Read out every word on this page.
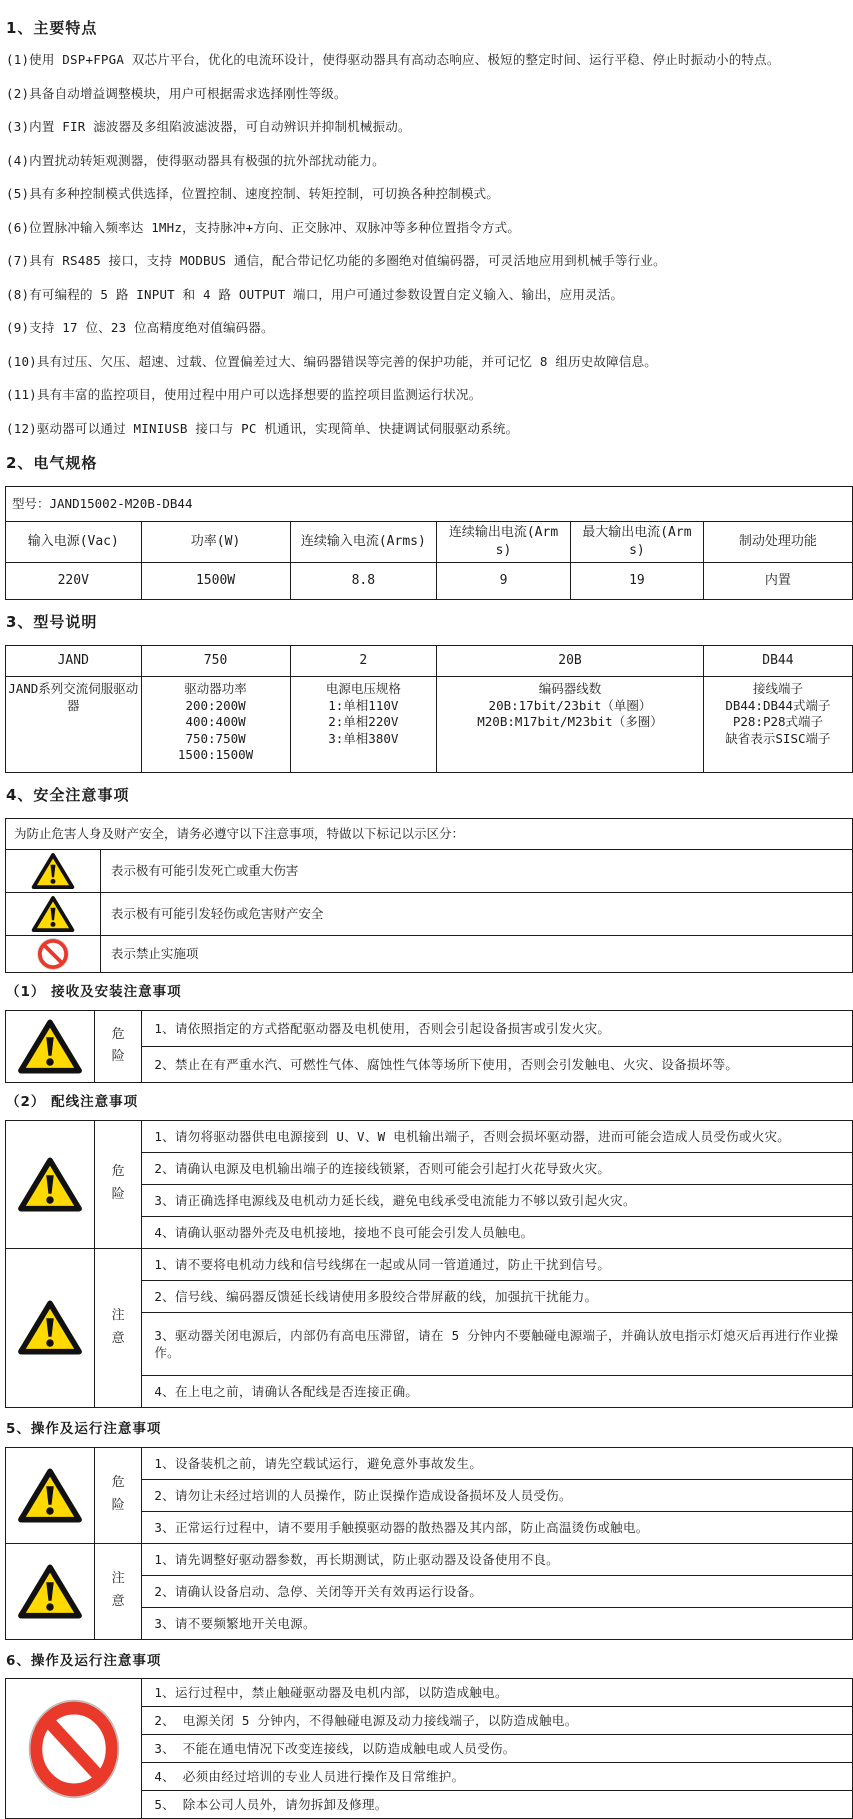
1、主要特点
(1)使用 DSP+FPGA 双芯片平台，优化的电流环设计，使得驱动器具有高动态响应、极短的整定时间、运行平稳、停止时振动小的特点。
(2)具备自动增益调整模块，用户可根据需求选择刚性等级。
(3)内置 FIR 滤波器及多组陷波滤波器，可自动辨识并抑制机械振动。
(4)内置扰动转矩观测器，使得驱动器具有极强的抗外部扰动能力。
(5)具有多种控制模式供选择，位置控制、速度控制、转矩控制，可切换各种控制模式。
(6)位置脉冲输入频率达 1MHz，支持脉冲+方向、正交脉冲、双脉冲等多种位置指令方式。
(7)具有 RS485 接口，支持 MODBUS 通信，配合带记忆功能的多圈绝对值编码器，可灵活地应用到机械手等行业。
(8)有可编程的 5 路 INPUT 和 4 路 OUTPUT 端口，用户可通过参数设置自定义输入、输出，应用灵活。
(9)支持 17 位、23 位高精度绝对值编码器。
(10)具有过压、欠压、超速、过载、位置偏差过大、编码器错误等完善的保护功能，并可记忆 8 组历史故障信息。
(11)具有丰富的监控项目，使用过程中用户可以选择想要的监控项目监测运行状况。
(12)驱动器可以通过 MINIUSB 接口与 PC 机通讯，实现简单、快捷调试伺服驱动系统。
2、电气规格
型号：JAND15002-M20B-DB44					
输入电源(Vac)	功率(W)	连续输入电流(Arms)	连续输出电流(Arms)	最大输出电流(Arms)	制动处理功能
220V	1500W	8.8	9	19	内置
3、型号说明
JAND	750	2	20B	DB44

JAND系列交流伺服驱动器

驱动器功率
200:200W
400:400W
750:750W
1500:1500W

电源电压规格
1:单相110V
2:单相220V
3:单相380V

编码器线数
20B:17bit/23bit（单圈）
M20B:M17bit/M23bit（多圈）

接线端子
DB44:DB44式端子
P28:P28式端子
缺省表示SISC端子
4、安全注意事项
为防止危害人身及财产安全，请务必遵守以下注意事项，特做以下标记以示区分：	

	表示极有可能引发死亡或重大伤害

	表示极有可能引发轻伤或危害财产安全

	表示禁止实施项
（1） 接收及安装注意事项

危险
	1、请依照指定的方式搭配驱动器及电机使用，否则会引起设备损害或引发火灾。
2、禁止在有严重水汽、可燃性气体、腐蚀性气体等场所下使用，否则会引发触电、火灾、设备损坏等。
（2） 配线注意事项

危险	1、请勿将驱动器供电电源接到 U、V、W 电机输出端子，否则会损坏驱动器，进而可能会造成人员受伤或火灾。
		2、请确认电源及电机输出端子的连接线锁紧，否则可能会引起打火花导致火灾。
		3、请正确选择电源线及电机动力延长线，避免电线承受电流能力不够以致引起火灾。
		4、请确认驱动器外壳及电机接地，接地不良可能会引发人员触电。

注意	1、请不要将电机动力线和信号线绑在一起或从同一管道通过，防止干扰到信号。
		2、信号线、编码器反馈延长线请使用多股绞合带屏蔽的线，加强抗干扰能力。
		3、驱动器关闭电源后，内部仍有高电压滞留，请在 5 分钟内不要触碰电源端子，并确认放电指示灯熄灭后再进行作业操作。
		4、在上电之前，请确认各配线是否连接正确。
5、操作及运行注意事项

危险	1、设备装机之前，请先空载试运行，避免意外事故发生。
		2、请勿让未经过培训的人员操作，防止误操作造成设备损坏及人员受伤。
		3、正常运行过程中，请不要用手触摸驱动器的散热器及其内部，防止高温烫伤或触电。

注意	1、请先调整好驱动器参数，再长期测试，防止驱动器及设备使用不良。
		2、请确认设备启动、急停、关闭等开关有效再运行设备。
		3、请不要频繁地开关电源。
6、操作及运行注意事项
	1、运行过程中，禁止触碰驱动器及电机内部，以防造成触电。
2、 电源关闭 5 分钟内，不得触碰电源及动力接线端子，以防造成触电。
3、 不能在通电情况下改变连接线，以防造成触电或人员受伤。
4、 必须由经过培训的专业人员进行操作及日常维护。
5、 除本公司人员外，请勿拆卸及修理。
